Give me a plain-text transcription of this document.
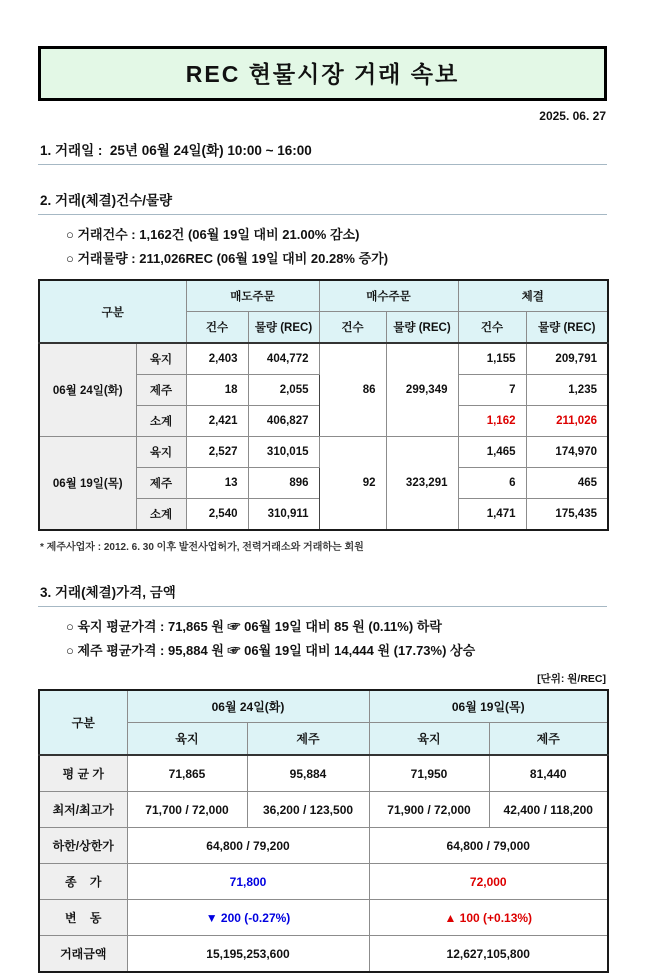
REC 현물시장 거래 속보
2025. 06. 27
1. 거래일 :  25년 06월 24일(화) 10:00 ~ 16:00
2. 거래(체결)건수/물량
○ 거래건수 : 1,162건 (06월 19일 대비 21.00% 감소)
○ 거래물량 : 211,026REC (06월 19일 대비 20.28% 증가)
구분		매도주문		매수주문		체결	
		건수	물량 (REC)	건수	물량 (REC)	건수	물량 (REC)
06월 24일(화)	육지	2,403	404,772	86	299,349	1,155	209,791
	제주	18	2,055			7	1,235
	소계	2,421	406,827			1,162	211,026
06월 19일(목)	육지	2,527	310,015	92	323,291	1,465	174,970
	제주	13	896			6	465
	소계	2,540	310,911			1,471	175,435
* 제주사업자 : 2012. 6. 30 이후 발전사업허가, 전력거래소와 거래하는 회원
3. 거래(체결)가격, 금액
○ 육지 평균가격 : 71,865 원 ☞ 06월 19일 대비 85 원 (0.11%) 하락
○ 제주 평균가격 : 95,884 원 ☞ 06월 19일 대비 14,444 원 (17.73%) 상승
[단위: 원/REC]
구분	06월 24일(화)		06월 19일(목)	
	육지	제주	육지	제주
평 균 가	71,865	95,884	71,950	81,440
최저/최고가	71,700 / 72,000	36,200 / 123,500	71,900 / 72,000	42,400 / 118,200
하한/상한가	64,800 / 79,200		64,800 / 79,000	
종    가	71,800		72,000	
변    동	▼ 200 (-0.27%)		▲ 100 (+0.13%)	
거래금액	15,195,253,600		12,627,105,800	
